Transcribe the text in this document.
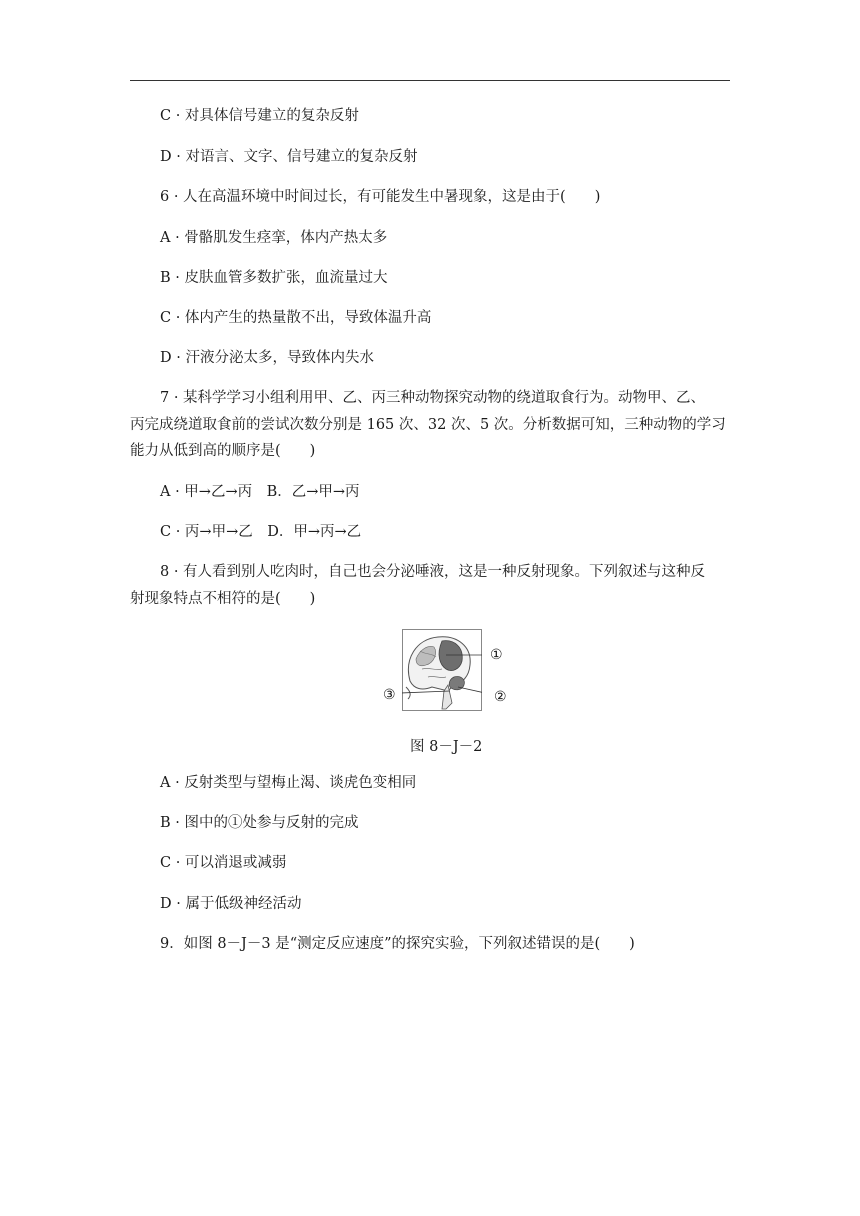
C · 对具体信号建立的复杂反射
D · 对语言、文字、信号建立的复杂反射
6 · 人在高温环境中时间过长，有可能发生中暑现象，这是由于(　　)
A · 骨骼肌发生痉挛，体内产热太多
B · 皮肤血管多数扩张，血流量过大
C · 体内产生的热量散不出，导致体温升高
D · 汗液分泌太多，导致体内失水
7 · 某科学学习小组利用甲、乙、丙三种动物探究动物的绕道取食行为。动物甲、乙、
丙完成绕道取食前的尝试次数分别是 165 次、32 次、5 次。分析数据可知，三种动物的学习
能力从低到高的顺序是(　　)
A · 甲→乙→丙　B．乙→甲→丙
C · 丙→甲→乙　D．甲→丙→乙
8 · 有人看到别人吃肉时，自己也会分泌唾液，这是一种反射现象。下列叙述与这种反
射现象特点不相符的是(　　)
①
②
③
图 8－J－2
A · 反射类型与望梅止渴、谈虎色变相同
B · 图中的①处参与反射的完成
C · 可以消退或减弱
D · 属于低级神经活动
9．如图 8－J－3 是“测定反应速度”的探究实验，下列叙述错误的是(　　)
